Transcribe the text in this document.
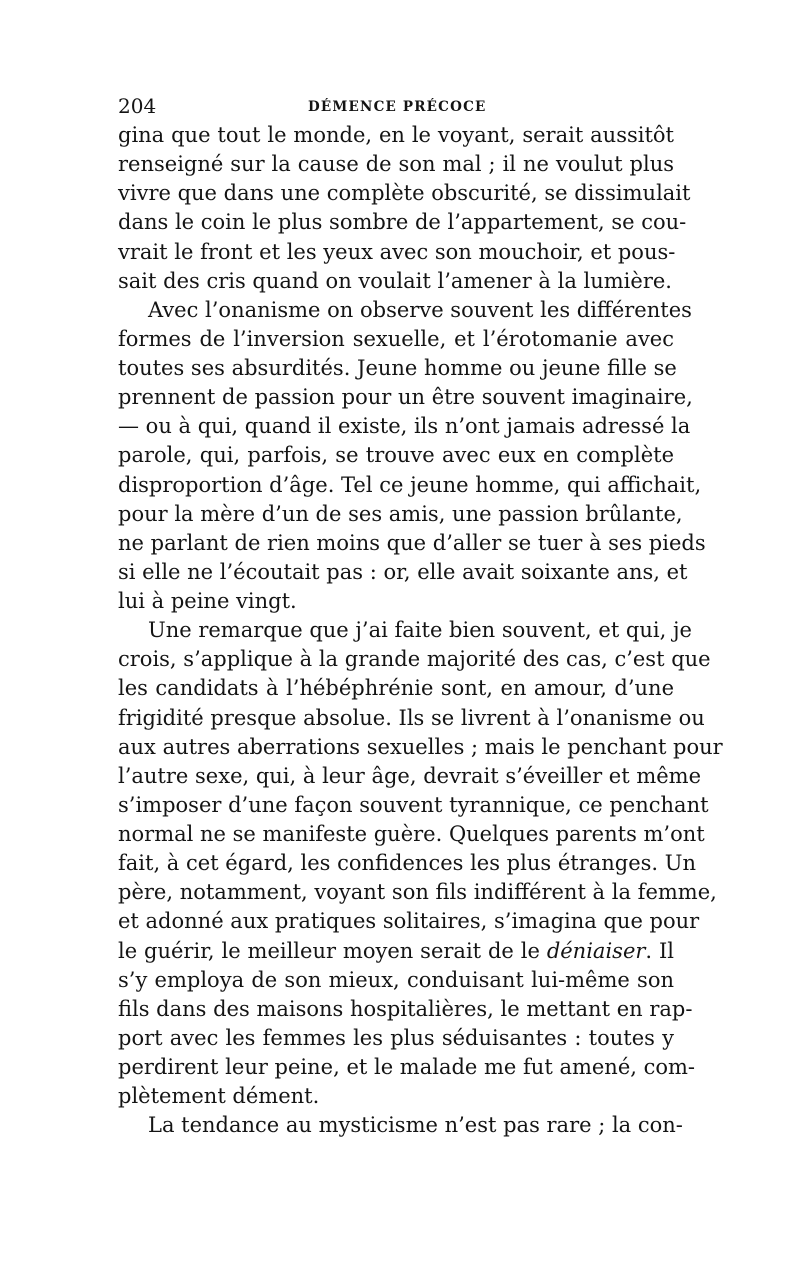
204	DÉMENCE PRÉCOCE
gina que tout le monde, en le voyant, serait aussitôt
renseigné sur la cause de son mal ; il ne voulut plus
vivre que dans une complète obscurité, se dissimulait
dans le coin le plus sombre de l’appartement, se cou-
vrait le front et les yeux avec son mouchoir, et pous-
sait des cris quand on voulait l’amener à la lumière.
Avec l’onanisme on observe souvent les différentes
formes de l’inversion sexuelle, et l’érotomanie avec
toutes ses absurdités. Jeune homme ou jeune fille se
prennent de passion pour un être souvent imaginaire,
— ou à qui, quand il existe, ils n’ont jamais adressé la
parole, qui, parfois, se trouve avec eux en complète
disproportion d’âge. Tel ce jeune homme, qui affichait,
pour la mère d’un de ses amis, une passion brûlante,
ne parlant de rien moins que d’aller se tuer à ses pieds
si elle ne l’écoutait pas : or, elle avait soixante ans, et
lui à peine vingt.
Une remarque que j’ai faite bien souvent, et qui, je
crois, s’applique à la grande majorité des cas, c’est que
les candidats à l’hébéphrénie sont, en amour, d’une
frigidité presque absolue. Ils se livrent à l’onanisme ou
aux autres aberrations sexuelles ; mais le penchant pour
l’autre sexe, qui, à leur âge, devrait s’éveiller et même
s’imposer d’une façon souvent tyrannique, ce penchant
normal ne se manifeste guère. Quelques parents m’ont
fait, à cet égard, les confidences les plus étranges. Un
père, notamment, voyant son fils indifférent à la femme,
et adonné aux pratiques solitaires, s’imagina que pour
le guérir, le meilleur moyen serait de le déniaiser. Il
s’y employa de son mieux, conduisant lui-même son
fils dans des maisons hospitalières, le mettant en rap-
port avec les femmes les plus séduisantes : toutes y
perdirent leur peine, et le malade me fut amené, com-
plètement dément.
La tendance au mysticisme n’est pas rare ; la con-
